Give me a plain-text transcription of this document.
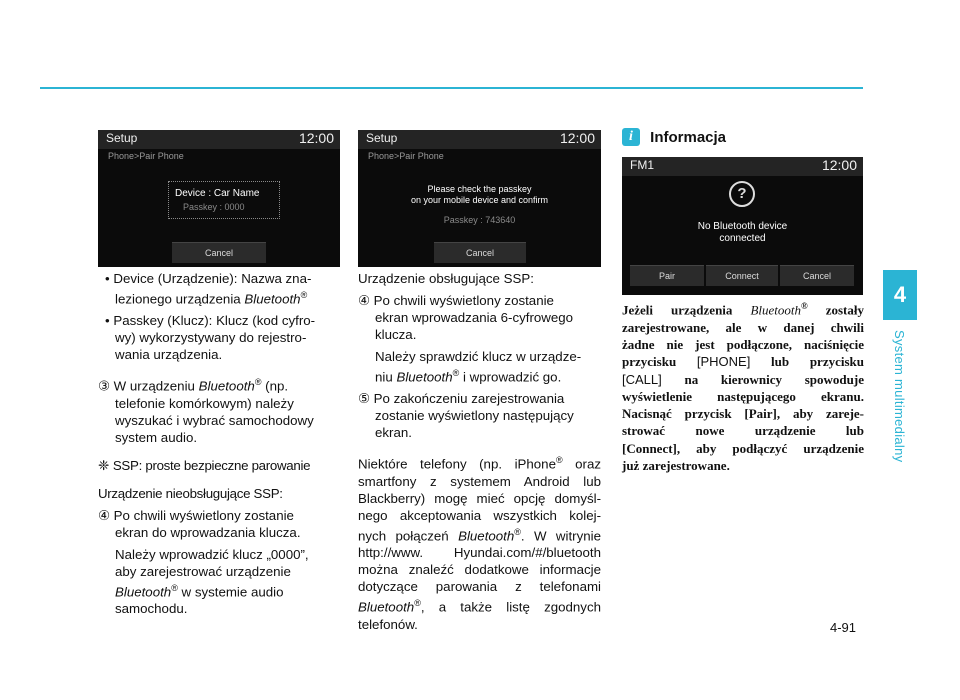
4
System multimedialny
Setup	12:00
Phone>Pair Phone
Device : Car Name
Passkey : 0000
Cancel
Setup	12:00
Phone>Pair Phone
Please check the passkey
on your mobile device and confirm
Passkey : 743640
Cancel

• Device (Urządzenie): Nazwa zna-
lezionego urządzenia Bluetooth®

• Passkey (Klucz): Klucz (kod cyfro-
wy) wykorzystywany do rejestro-
wania urządzenia.

③ W urządzeniu Bluetooth® (np.
telefonie komórkowym) należy
wyszukać i wybrać samochodowy
system audio.

❈ SSP: proste bezpieczne parowanie

Urządzenie nieobsługujące SSP:

④ Po chwili wyświetlony zostanie
ekran do wprowadzania klucza.

Należy wprowadzić klucz „0000”,
aby zarejestrować urządzenie
Bluetooth® w systemie audio
samochodu.

Urządzenie obsługujące SSP:

④ Po chwili wyświetlony zostanie
ekran wprowadzania 6-cyfrowego
klucza.

Należy sprawdzić klucz w urządze-
niu Bluetooth® i wprowadzić go.

⑤ Po zakończeniu zarejestrowania
zostanie wyświetlony następujący
ekran.

Niektóre telefony (np. iPhone® oraz
smartfony z systemem Android lub
Blackberry) mogę mieć opcję domyśl-
nego akceptowania wszystkich kolej-
nych połączeń Bluetooth®. W witrynie
http://www. Hyundai.com/#/bluetooth
można znaleźć dodatkowe informacje
dotyczące parowania z telefonami
Bluetooth®, a także listę zgodnych

telefonów.

i Informacja
FM1	12:00
?
No Bluetooth device
connected
Pair	Connect	Cancel

Jeżeli urządzenia Bluetooth® zostały
zarejestrowane, ale w danej chwili
żadne nie jest podłączone, naciśnięcie
przycisku [PHONE] lub przycisku
[CALL] na kierownicy spowoduje
wyświetlenie następującego ekranu.
Nacisnąć przycisk [Pair], aby zareje-
strować nowe urządzenie lub
[Connect], aby podłączyć urządzenie

już zarejestrowane.

4-91
